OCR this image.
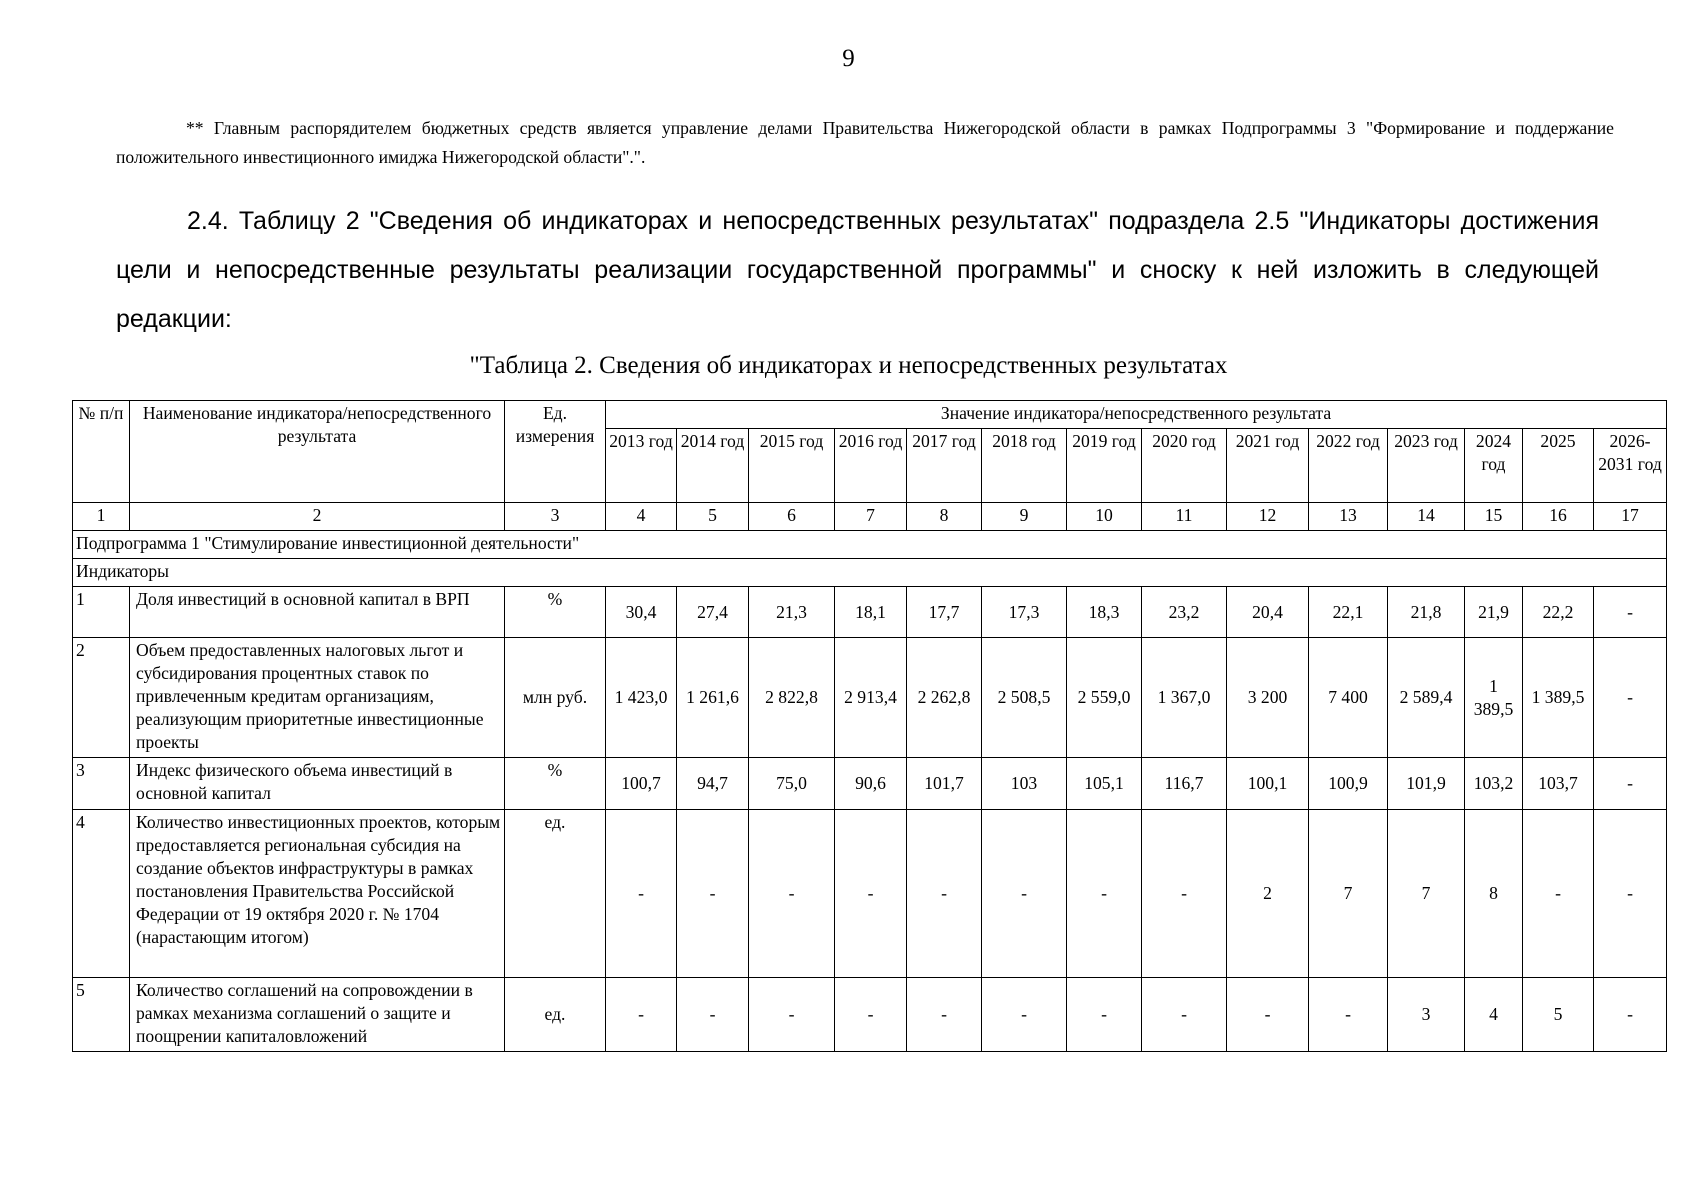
9
** Главным распорядителем бюджетных средств является управление делами Правительства Нижегородской области в рамках Подпрограммы 3 "Формирование и поддержание положительного инвестиционного имиджа Нижегородской области".".
2.4. Таблицу 2 "Сведения об индикаторах и непосредственных результатах" подраздела 2.5 "Индикаторы достижения цели и непосредственные результаты реализации государственной программы" и сноску к ней изложить в следующей редакции:
"Таблица 2. Сведения об индикаторах и непосредственных результатах
№ п/п	Наименование индикатора/непосредственного результата	Ед. измерения	Значение индикатора/непосредственного результата													
			2013 год	2014 год	2015 год	2016 год	2017 год	2018 год	2019 год	2020 год	2021 год	2022 год	2023 год	2024 год	2025	2026-2031 год
1	2	3	4	5	6	7	8	9	10	11	12	13	14	15	16	17
Подпрограмма 1 "Стимулирование инвестиционной деятельности"																
Индикаторы																
1	Доля инвестиций в основной капитал в ВРП	%	30,4	27,4	21,3	18,1	17,7	17,3	18,3	23,2	20,4	22,1	21,8	21,9	22,2	-
2	Объем предоставленных налоговых льгот и субсидирования процентных ставок по привлеченным кредитам организациям, реализующим приоритетные инвестиционные проекты	млн руб.	1 423,0	1 261,6	2 822,8	2 913,4	2 262,8	2 508,5	2 559,0	1 367,0	3 200	7 400	2 589,4	1 389,5	1 389,5	-
3	Индекс физического объема инвестиций в основной капитал	%	100,7	94,7	75,0	90,6	101,7	103	105,1	116,7	100,1	100,9	101,9	103,2	103,7	-
4	Количество инвестиционных проектов, которым предоставляется региональная субсидия на создание объектов инфраструктуры в рамках постановления Правительства Российской Федерации от 19 октября 2020 г. № 1704 (нарастающим итогом)	ед.	-	-	-	-	-	-	-	-	2	7	7	8	-	-
5	Количество соглашений на сопровождении в рамках механизма соглашений о защите и поощрении капиталовложений	ед.	-	-	-	-	-	-	-	-	-	-	3	4	5	-
